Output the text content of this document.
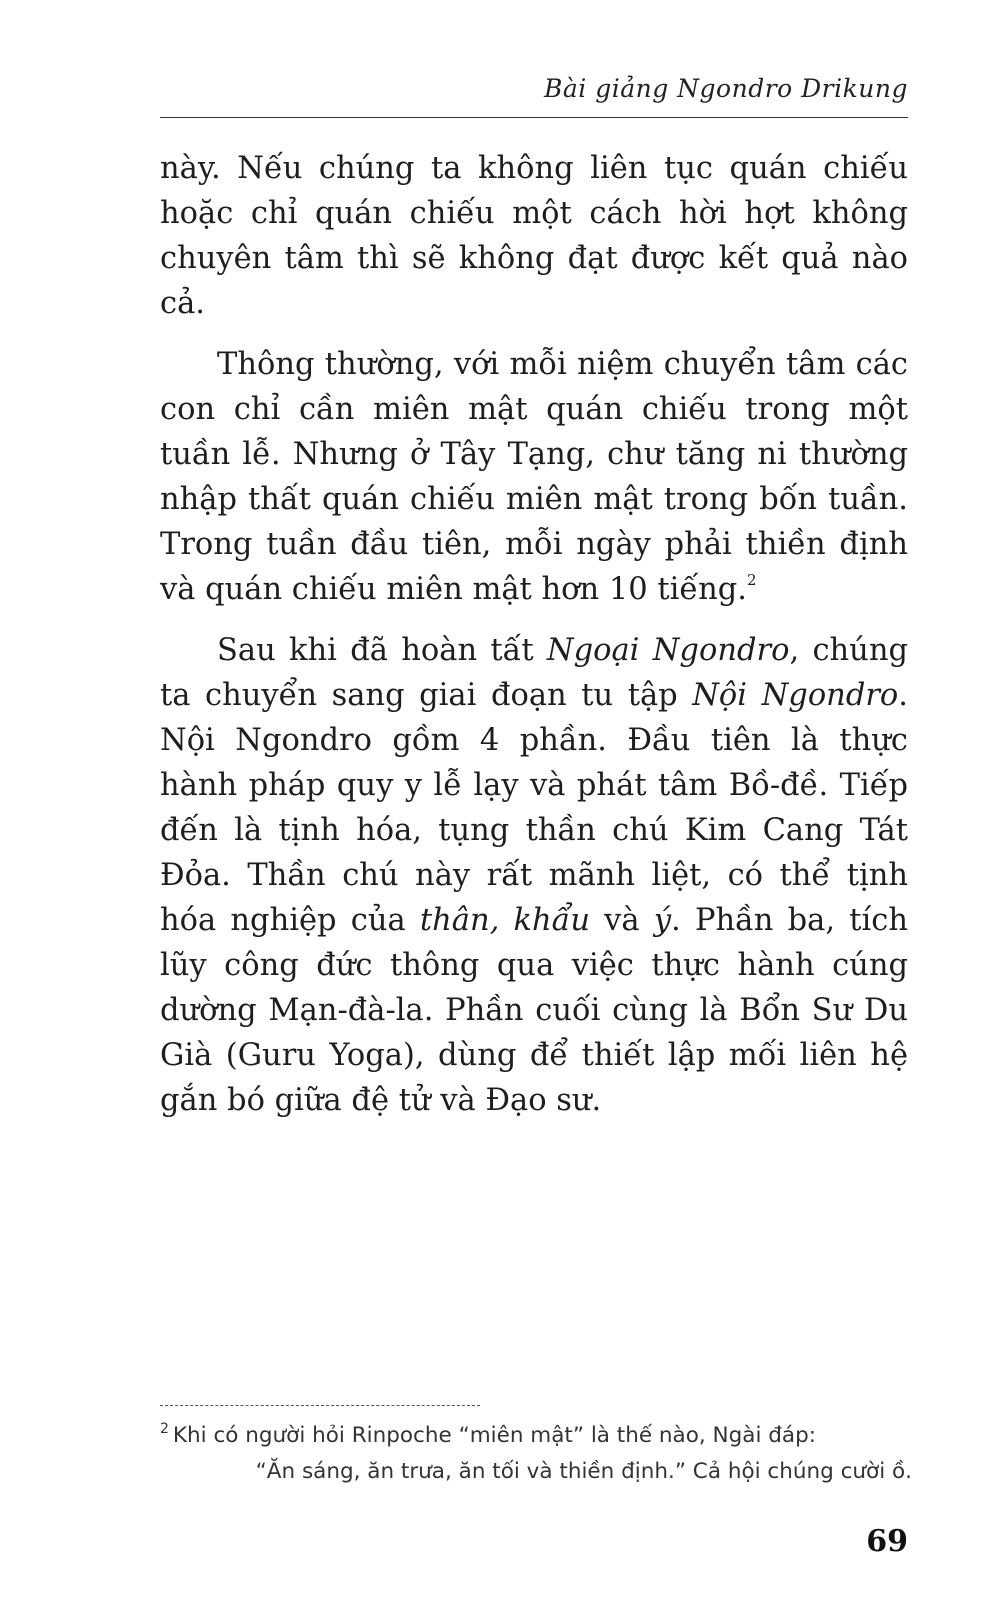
Bài giảng Ngondro Drikung

này. Nếu chúng ta không liên tục quán chiếu hoặc chỉ quán chiếu một cách hời hợt không chuyên tâm thì sẽ không đạt được kết quả nào cả.

Thông thường, với mỗi niệm chuyển tâm các con chỉ cần miên mật quán chiếu trong một tuần lễ. Nhưng ở Tây Tạng, chư tăng ni thường nhập thất quán chiếu miên mật trong bốn tuần. Trong tuần đầu tiên, mỗi ngày phải thiền định và quán chiếu miên mật hơn 10 tiếng.$^2$

Sau khi đã hoàn tất Ngoại Ngondro, chúng ta chuyển sang giai đoạn tu tập Nội Ngondro. Nội Ngondro gồm 4 phần. Đầu tiên là thực hành pháp quy y lễ lạy và phát tâm Bồ-đề. Tiếp đến là tịnh hóa, tụng thần chú Kim Cang Tát Đỏa. Thần chú này rất mãnh liệt, có thể tịnh hóa nghiệp của thân, khẩu và ý. Phần ba, tích lũy công đức thông qua việc thực hành cúng dường Mạn-đà-la. Phần cuối cùng là Bổn Sư Du Già (Guru Yoga), dùng để thiết lập mối liên hệ gắn bó giữa đệ tử và Đạo sư.

$^2$ Khi có người hỏi Rinpoche “miên mật” là thế nào, Ngài đáp:
“Ăn sáng, ăn trưa, ăn tối và thiền định.” Cả hội chúng cười ồ.
69
